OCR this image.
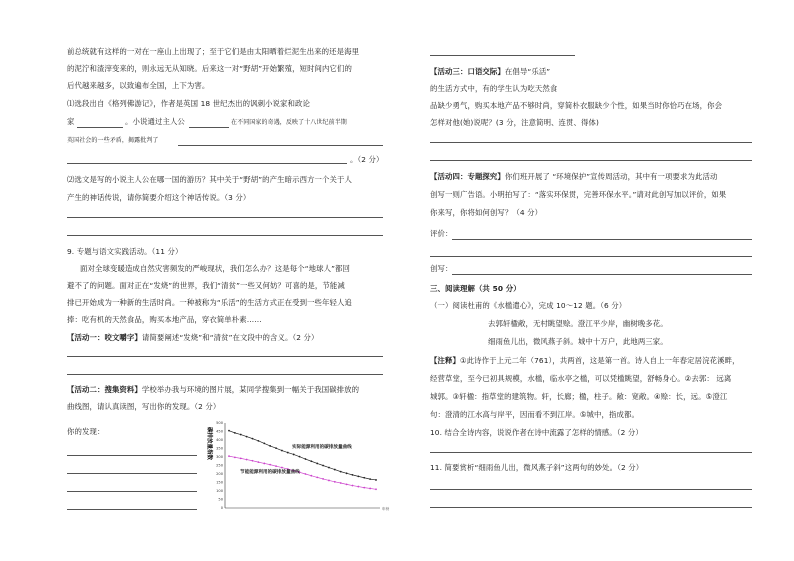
前总统就有这样的一对在一座山上出现了；至于它们是由太阳晒着烂泥生出来的还是海里
的泥泞和渣滓变来的，则永远无从知晓。后来这一对“野胡”开始繁殖，短时间内它们的
后代越来越多，以致遍布全国，上下为害。
⑴选段出自《格列佛游记》，作者是英国 18 世纪杰出的讽刺小说家和政论
家	。小说通过主人公	在不同国家的奇遇，反映了十八世纪前半期
英国社会的一些矛盾，揭露批判了
。（2 分）
⑵选文是写的小说主人公在哪一国的游历？其中关于“野胡”的产生暗示西方一个关于人
产生的神话传说，请你简要介绍这个神话传说。（3 分）
9. 专题与语文实践活动。（11 分）
面对全球变暖造成自然灾害频发的严峻现状，我们怎么办？这是每个“地球人”都回
避不了的问题。面对正在“发烧”的世界，我们“清贫”一些又何妨？可喜的是，节能减
排已开始成为一种新的生活时尚。一种被称为“乐活”的生活方式正在受到一些年轻人追
捧：吃有机的天然食品，购买本地产品，穿衣简单朴素……
【活动一：咬文嚼字】请简要阐述“发烧”和“清贫”在文段中的含义。（2 分）
【活动二：搜集资料】学校举办我与环境的图片展，某同学搜集到一幅关于我国碳排放的
曲线图，请认真读图，写出你的发现。（2 分）
你的发现：	碳排放量指数
500
450
400
350
300
250
200
150
100
50
0
实际能源利用的碳排放量曲线
节能能源利用的碳排放量曲线
年份
【活动三：口语交际】在倡导“乐活”
的生活方式中，有的学生认为吃天然食
品缺少勇气，购买本地产品不够时尚，穿简朴衣服缺少个性，如果当时你恰巧在场，你会
怎样对他(她)说呢？(3 分，注意简明、连贯、得体)
【活动四：专题探究】你们班开展了 “环境保护”宣传周活动，其中有一项要求为此活动
创写一则广告语。小明拍写了：“落实环保贯，完善环保水平。”请对此创写加以评价，如果
你来写，你将如何创写？（4 分）
评价：
创写：
三、阅读理解（共 50 分）
（一）阅读杜甫的《水槛遣心》，完成 10～12 题。（6 分）
去郭轩楹敞，无村眺望赊。澄江平少岸，幽树晚多花。
细雨鱼儿出，微风燕子斜。城中十万户，此地两三家。
【注释】①此诗作于上元二年（761），共两首，这是第一首。诗人自上一年春定居浣花溪畔，
经营草堂，至今已初具规模，水槛，临水亭之槛，可以凭槛眺望，舒畅身心。②去郭： 远离
城郭。③轩楹：指草堂的建筑物。轩，长廊；楹，柱子。敞：宽敞。④赊：长，远。⑤澄江
句：澄清的江水高与岸平，因而看不到江岸。⑤城中，指成都。
10. 结合全诗内容，说说作者在诗中流露了怎样的情感。（2 分）
11. 简要赏析“细雨鱼儿出，微风燕子斜”这两句的妙处。（2 分）
